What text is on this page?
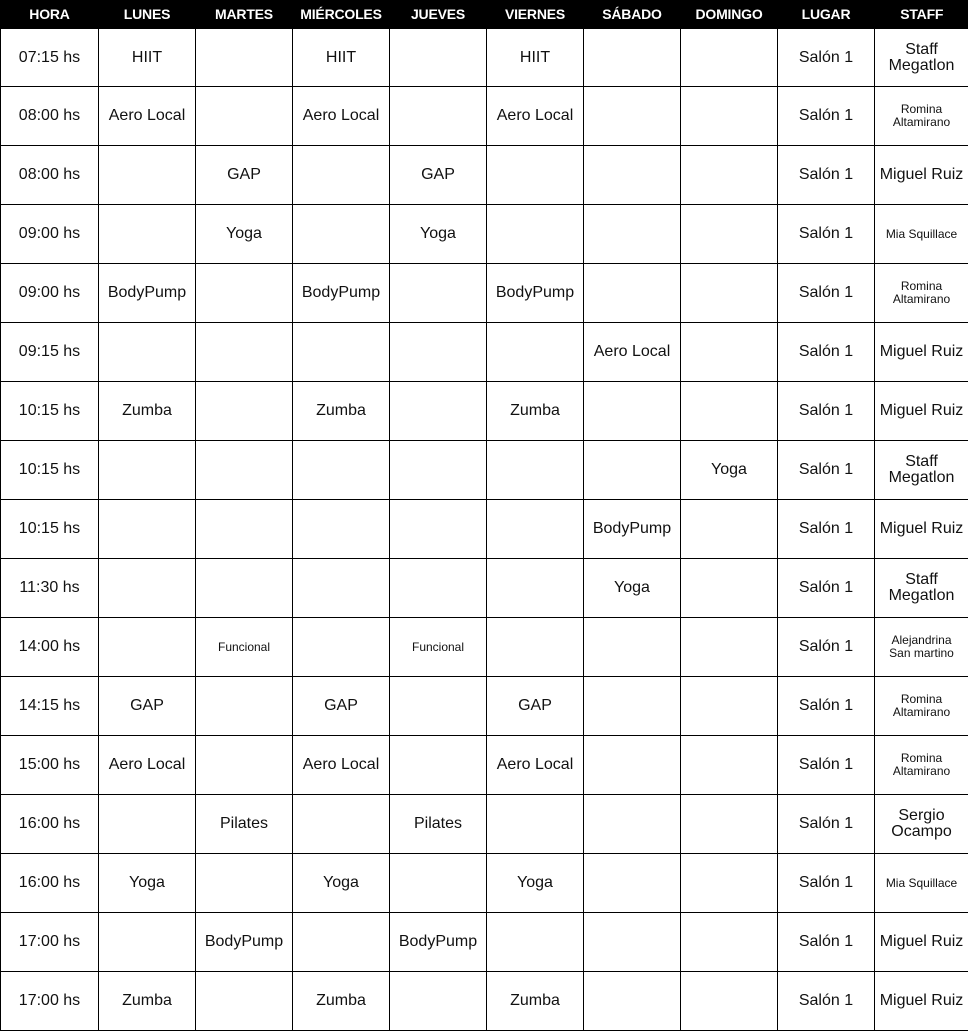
HORA	LUNES	MARTES	MIÉRCOLES	JUEVES	VIERNES	SÁBADO	DOMINGO	LUGAR	STAFF
07:15 hs	HIIT		HIIT		HIIT			Salón 1	Staff
Megatlon

08:00 hs	Aero Local		Aero Local		Aero Local			Salón 1	Romina
Altamirano

08:00 hs		GAP		GAP				Salón 1	Miguel Ruiz

09:00 hs		Yoga		Yoga				Salón 1	Mia Squillace

09:00 hs	BodyPump		BodyPump		BodyPump			Salón 1	Romina
Altamirano

09:15 hs						Aero Local		Salón 1	Miguel Ruiz

10:15 hs	Zumba		Zumba		Zumba			Salón 1	Miguel Ruiz

10:15 hs							Yoga	Salón 1	Staff
Megatlon

10:15 hs						BodyPump		Salón 1	Miguel Ruiz

11:30 hs						Yoga		Salón 1	Staff
Megatlon

14:00 hs		Funcional		Funcional				Salón 1	Alejandrina
San martino

14:15 hs	GAP		GAP		GAP			Salón 1	Romina
Altamirano

15:00 hs	Aero Local		Aero Local		Aero Local			Salón 1	Romina
Altamirano

16:00 hs		Pilates		Pilates				Salón 1	Sergio
Ocampo

16:00 hs	Yoga		Yoga		Yoga			Salón 1	Mia Squillace

17:00 hs		BodyPump		BodyPump				Salón 1	Miguel Ruiz

17:00 hs	Zumba		Zumba		Zumba			Salón 1	Miguel Ruiz
